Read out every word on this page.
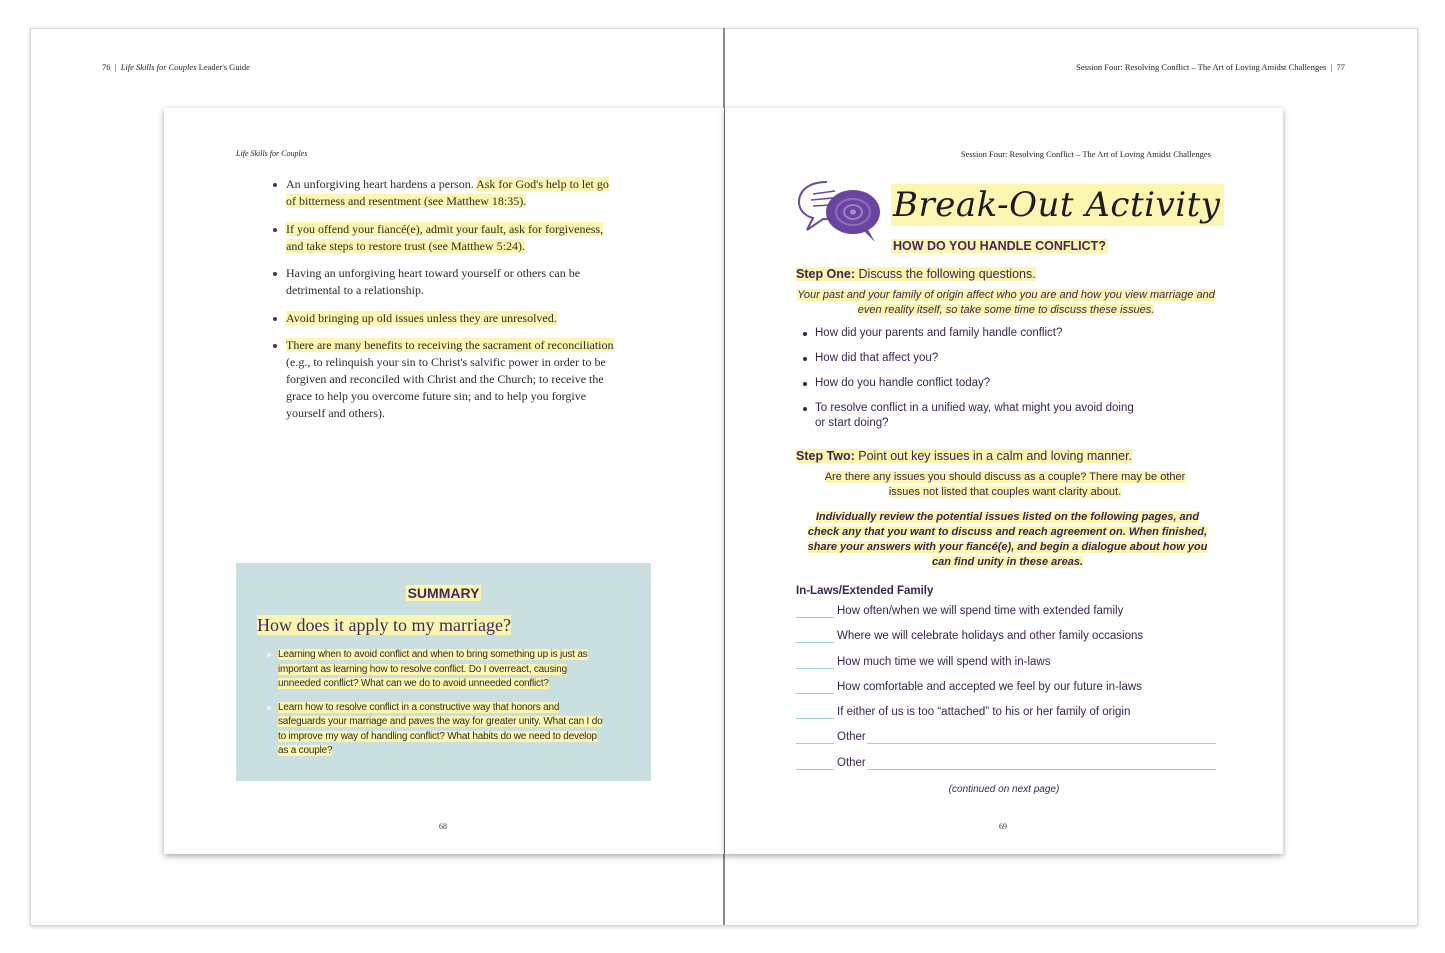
76 | Life Skills for Couples Leader's Guide	Session Four: Resolving Conflict – The Art of Loving Amidst Challenges | 77
Life Skills for Couples
An unforgiving heart hardens a person. Ask for God's help to let go of bitterness and resentment (see Matthew 18:35).
If you offend your fiancé(e), admit your fault, ask for forgiveness, and take steps to restore trust (see Matthew 5:24).
Having an unforgiving heart toward yourself or others can be detrimental to a relationship.
Avoid bringing up old issues unless they are unresolved.
There are many benefits to receiving the sacrament of reconciliation (e.g., to relinquish your sin to Christ's salvific power in order to be forgiven and reconciled with Christ and the Church; to receive the grace to help you overcome future sin; and to help you forgive yourself and others).
SUMMARY
How does it apply to my marriage?
Learning when to avoid conflict and when to bring something up is just as important as learning how to resolve conflict. Do I overreact, causing unneeded conflict? What can we do to avoid unneeded conflict?
Learn how to resolve conflict in a constructive way that honors and safeguards your marriage and paves the way for greater unity. What can I do to improve my way of handling conflict? What habits do we need to develop as a couple?
68
Session Four: Resolving Conflict – The Art of Loving Amidst Challenges
Break-Out Activity
HOW DO YOU HANDLE CONFLICT?
Step One: Discuss the following questions.
Your past and your family of origin affect who you are and how you view marriage and even reality itself, so take some time to discuss these issues.
How did your parents and family handle conflict?
How did that affect you?
How do you handle conflict today?
To resolve conflict in a unified way, what might you avoid doing or start doing?
Step Two: Point out key issues in a calm and loving manner.
Are there any issues you should discuss as a couple? There may be other issues not listed that couples want clarity about.
Individually review the potential issues listed on the following pages, and check any that you want to discuss and reach agreement on. When finished, share your answers with your fiancé(e), and begin a dialogue about how you can find unity in these areas.
In-Laws/Extended Family
How often/when we will spend time with extended family
Where we will celebrate holidays and other family occasions
How much time we will spend with in-laws
How comfortable and accepted we feel by our future in-laws
If either of us is too “attached” to his or her family of origin
Other
Other
(continued on next page)
69
